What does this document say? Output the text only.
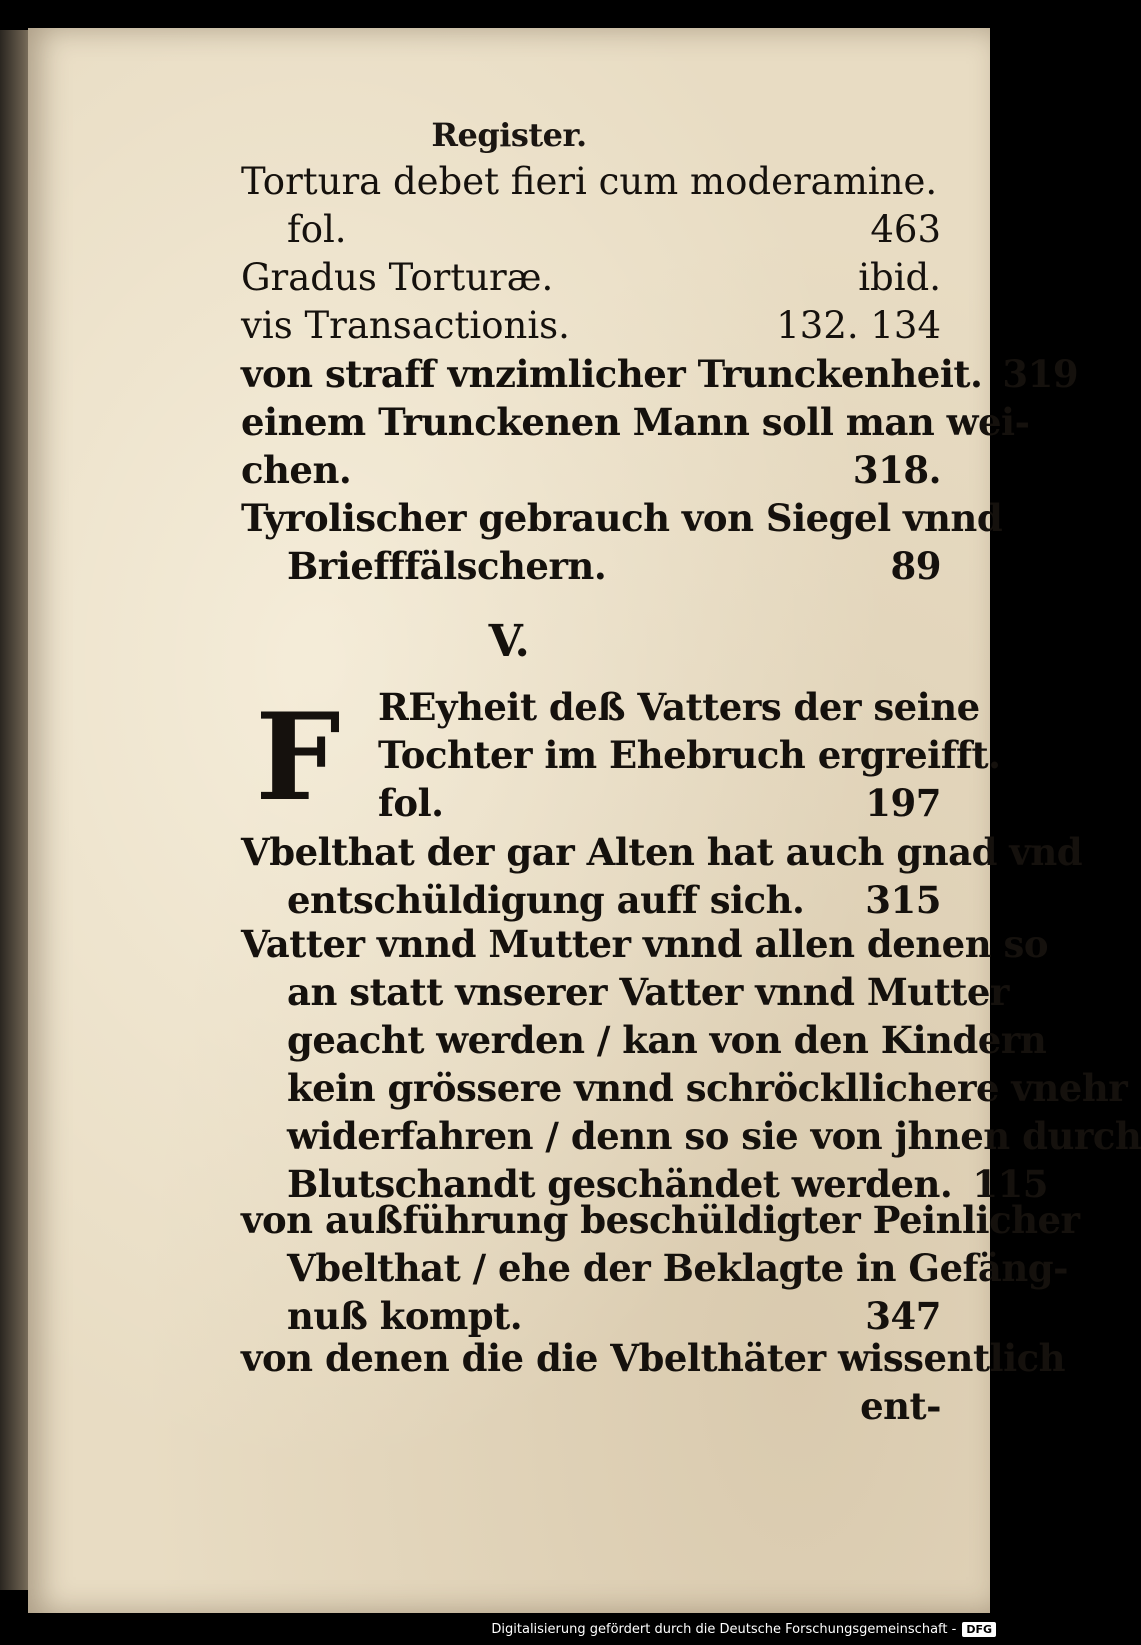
Register.
V.
F
Tortura debet fieri cum moderamine.
fol.	463
Gradus Torturæ.	ibid.
vis Transactionis.	132. 134
von straff vnzimlicher Trunckenheit. 319
einem Trunckenen Mann soll man wei-
chen.	318.
Tyrolischer gebrauch von Siegel vnnd
Briefffälschern.	89
REyheit deß Vatters der seine
Tochter im Ehebruch ergreifft.
fol.	197
Vbelthat der gar Alten hat auch gnad vnd
entschüldigung auff sich.	315
Vatter vnnd Mutter vnnd allen denen so
an statt vnserer Vatter vnnd Mutter
geacht werden / kan von den Kindern
kein grössere vnnd schröckllichere vnehr
widerfahren / denn so sie von jhnen durch
Blutschandt geschändet werden. 115
von außführung beschüldigter Peinlicher
Vbelthat / ehe der Beklagte in Gefäng-
nuß kompt.	347
von denen die die Vbelthäter wissentlich
ent-
Digitalisierung gefördert durch die Deutsche Forschungsgemeinschaft - DFG
